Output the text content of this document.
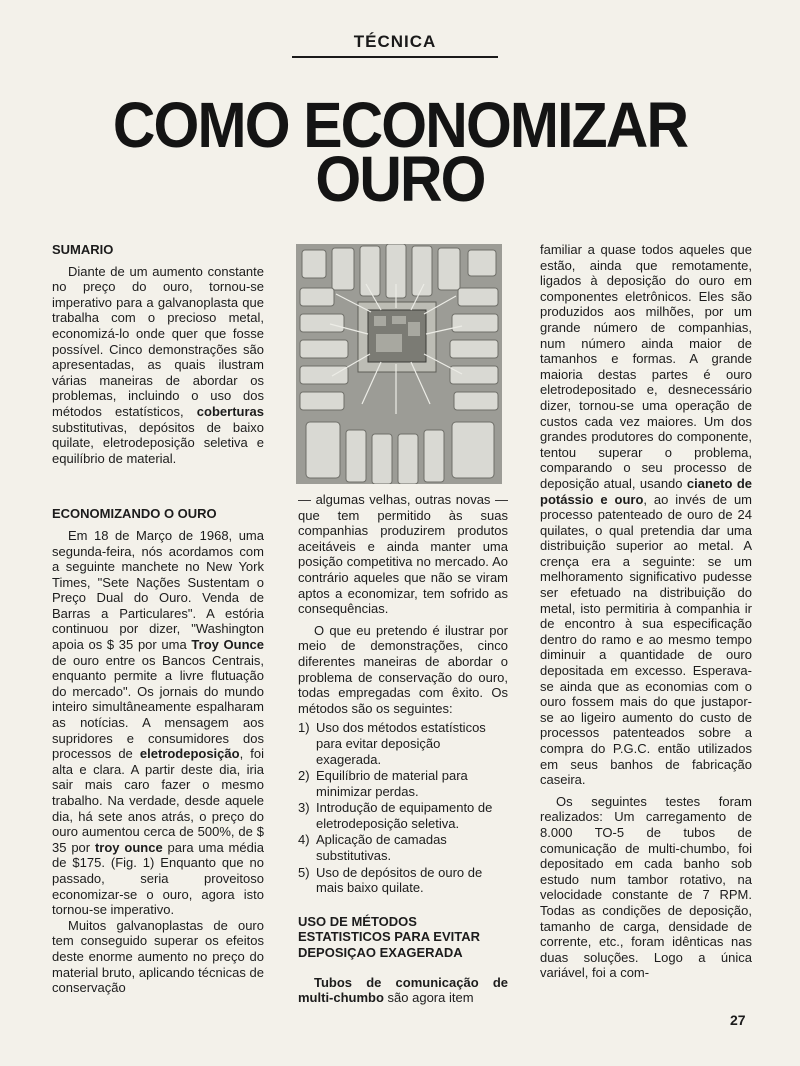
TÉCNICA
COMO ECONOMIZAR OURO
SUMARIO

Diante de um aumento constante no preço do ouro, tornou-se imperativo para a galvanoplasta que trabalha com o precioso metal, economizá-lo onde quer que fosse possível. Cinco demonstrações são apresentadas, as quais ilustram várias maneiras de abordar os problemas, incluindo o uso dos métodos estatísticos, coberturas substitutivas, depósitos de baixo quilate, eletrodeposição seletiva e equilíbrio de material.

ECONOMIZANDO O OURO

Em 18 de Março de 1968, uma segunda-feira, nós acordamos com a seguinte manchete no New York Times, "Sete Nações Sustentam o Preço Dual do Ouro. Venda de Barras a Particulares". A estória continuou por dizer, "Washington apoia os $ 35 por uma Troy Ounce de ouro entre os Bancos Centrais, enquanto permite a livre flutuação do mercado". Os jornais do mundo inteiro simultâneamente espalharam as notícias. A mensagem aos supridores e consumidores dos processos de eletrodeposição, foi alta e clara. A partir deste dia, iria sair mais caro fazer o mesmo trabalho. Na verdade, desde aquele dia, há sete anos atrás, o preço do ouro aumentou cerca de 500%, de $ 35 por troy ounce para uma média de $175. (Fig. 1) Enquanto que no passado, seria proveitoso economizar-se o ouro, agora isto tornou-se imperativo.

Muitos galvanoplastas de ouro tem conseguido superar os efeitos deste enorme aumento no preço do material bruto, aplicando técnicas de conservação

— algumas velhas, outras novas — que tem permitido às suas companhias produzirem produtos aceitáveis e ainda manter uma posição competitiva no mercado. Ao contrário aqueles que não se viram aptos a economizar, tem sofrido as consequências.

O que eu pretendo é ilustrar por meio de demonstrações, cinco diferentes maneiras de abordar o problema de conservação do ouro, todas empregadas com êxito. Os métodos são os seguintes:

1) Uso dos métodos estatísticos para evitar deposição exagerada.
2) Equilíbrio de material para minimizar perdas.
3) Introdução de equipamento de eletrodeposição seletiva.
4) Aplicação de camadas substitutivas.
5) Uso de depósitos de ouro de mais baixo quilate.
USO DE MÉTODOS ESTATISTICOS PARA EVITAR DEPOSIÇAO EXAGERADA

Tubos de comunicação de multi-chumbo são agora item

familiar a quase todos aqueles que estão, ainda que remotamente, ligados à deposição do ouro em componentes eletrônicos. Eles são produzidos aos milhões, por um grande número de companhias, num número ainda maior de tamanhos e formas. A grande maioria destas partes é ouro eletrodepositado e, desnecessário dizer, tornou-se uma operação de custos cada vez maiores. Um dos grandes produtores do componente, tentou superar o problema, comparando o seu processo de deposição atual, usando cianeto de potássio e ouro, ao invés de um processo patenteado de ouro de 24 quilates, o qual pretendia dar uma distribuição superior ao metal. A crença era a seguinte: se um melhoramento significativo pudesse ser efetuado na distribuição do metal, isto permitiria à companhia ir de encontro à sua especificação dentro do ramo e ao mesmo tempo diminuir a quantidade de ouro depositada em excesso. Esperava-se ainda que as economias com o ouro fossem mais do que justapor-se ao ligeiro aumento do custo de processos patenteados sobre a compra do P.G.C. então utilizados em seus banhos de fabricação caseira.

Os seguintes testes foram realizados: Um carregamento de 8.000 TO-5 de tubos de comunicação de multi-chumbo, foi depositado em cada banho sob estudo num tambor rotativo, na velocidade constante de 7 RPM. Todas as condições de deposição, tamanho de carga, densidade de corrente, etc., foram idênticas nas duas soluções. Logo a única variável, foi a com-

27
